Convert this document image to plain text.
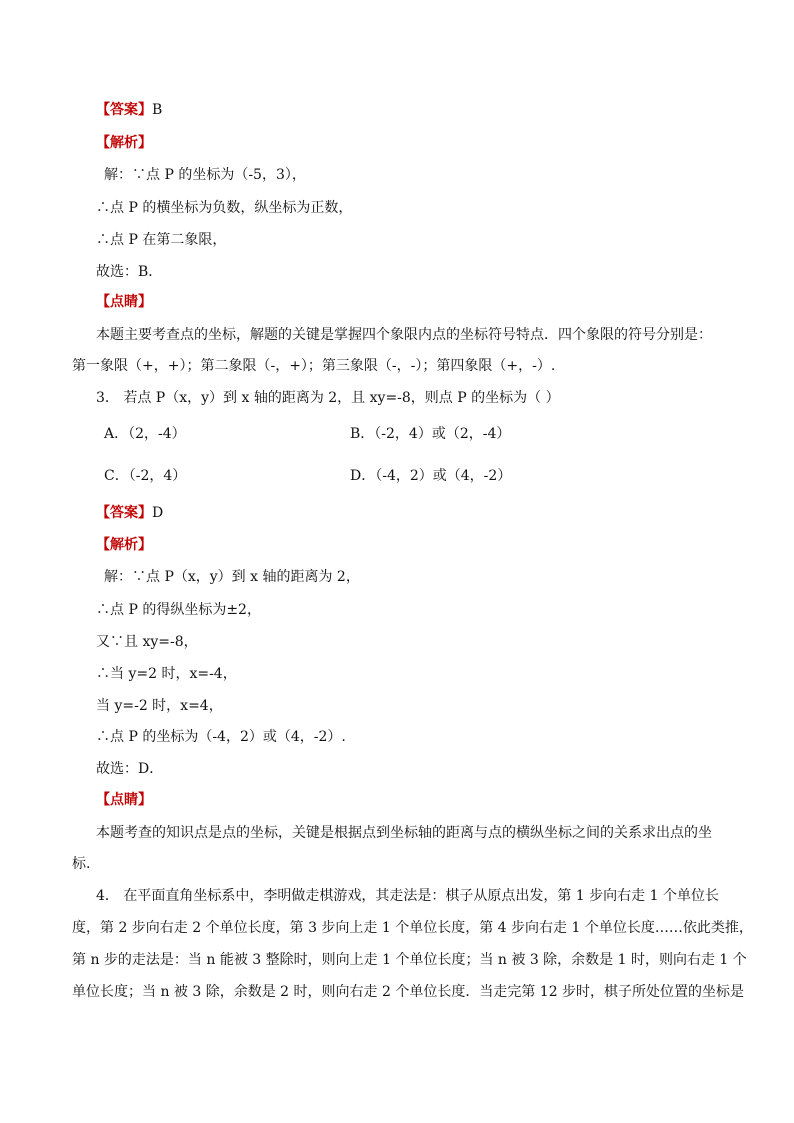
【答案】B
【解析】
解：∵点 P 的坐标为（-5，3），
∴点 P 的横坐标为负数，纵坐标为正数，
∴点 P 在第二象限，
故选：B．
【点睛】
本题主要考查点的坐标，解题的关键是掌握四个象限内点的坐标符号特点．四个象限的符号分别是：
第一象限（+，+）；第二象限（-，+）；第三象限（-，-）；第四象限（+，-）.
3． 若点 P（x，y）到 x 轴的距离为 2，且 xy=-8，则点 P 的坐标为（ ）
A．（2，-4）	B．（-2，4）或（2，-4）
C．（-2，4）	D．（-4，2）或（4，-2）
【答案】D
【解析】
解：∵点 P（x，y）到 x 轴的距离为 2，
∴点 P 的得纵坐标为±2，
又∵且 xy=-8，
∴当 y=2 时，x=-4，
当 y=-2 时，x=4，
∴点 P 的坐标为（-4，2）或（4，-2）.
故选：D．
【点睛】
本题考查的知识点是点的坐标，关键是根据点到坐标轴的距离与点的横纵坐标之间的关系求出点的坐
标.
4． 在平面直角坐标系中，李明做走棋游戏，其走法是：棋子从原点出发，第 1 步向右走 1 个单位长
度，第 2 步向右走 2 个单位长度，第 3 步向上走 1 个单位长度，第 4 步向右走 1 个单位长度……依此类推，
第 n 步的走法是：当 n 能被 3 整除时，则向上走 1 个单位长度；当 n 被 3 除，余数是 1 时，则向右走 1 个
单位长度；当 n 被 3 除，余数是 2 时，则向右走 2 个单位长度．当走完第 12 步时，棋子所处位置的坐标是
